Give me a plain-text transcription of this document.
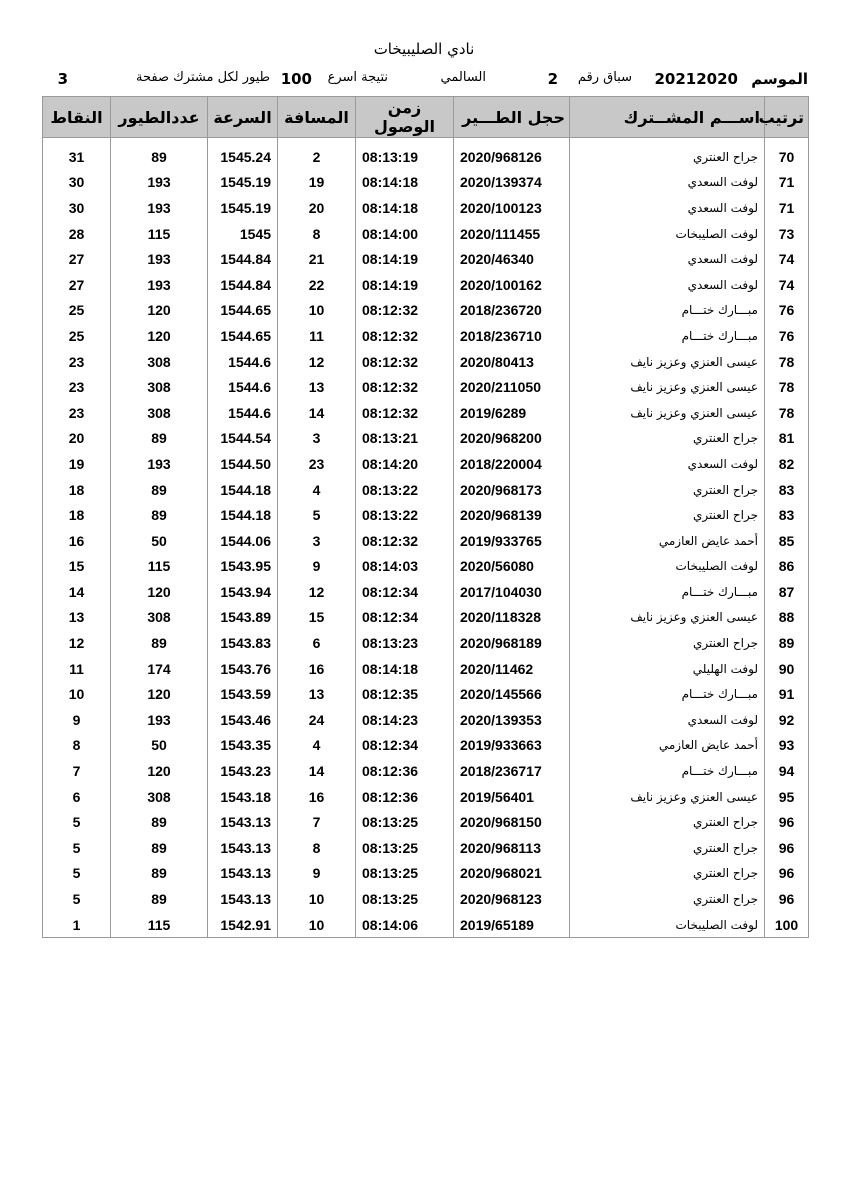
نادي الصليبيخات
الموسم
20212020
سباق رقم
2
السالمي
نتيجة اسرع
100
طيور لكل مشترك صفحة
3
ترتيب	اســـم المشــترك	حجل الطـــير	زمن الوصول	المسافة	السرعة	عددالطيور	النقاط

70	جراح العنتري	2020/968126	08:13:19	2	1545.24	89	31
71	لوفت السعدي	2020/139374	08:14:18	19	1545.19	193	30
71	لوفت السعدي	2020/100123	08:14:18	20	1545.19	193	30
73	لوفت الصليبخات	2020/111455	08:14:00	8	1545	115	28
74	لوفت السعدي	2020/46340	08:14:19	21	1544.84	193	27
74	لوفت السعدي	2020/100162	08:14:19	22	1544.84	193	27
76	مبـــارك ختـــام	2018/236720	08:12:32	10	1544.65	120	25
76	مبـــارك ختـــام	2018/236710	08:12:32	11	1544.65	120	25
78	عيسى العنزي وعزيز نايف	2020/80413	08:12:32	12	1544.6	308	23
78	عيسى العنزي وعزيز نايف	2020/211050	08:12:32	13	1544.6	308	23
78	عيسى العنزي وعزيز نايف	2019/6289	08:12:32	14	1544.6	308	23
81	جراح العنتري	2020/968200	08:13:21	3	1544.54	89	20
82	لوفت السعدي	2018/220004	08:14:20	23	1544.50	193	19
83	جراح العنتري	2020/968173	08:13:22	4	1544.18	89	18
83	جراح العنتري	2020/968139	08:13:22	5	1544.18	89	18
85	أحمد عايض العازمي	2019/933765	08:12:32	3	1544.06	50	16
86	لوفت الصليبخات	2020/56080	08:14:03	9	1543.95	115	15
87	مبـــارك ختـــام	2017/104030	08:12:34	12	1543.94	120	14
88	عيسى العنزي وعزيز نايف	2020/118328	08:12:34	15	1543.89	308	13
89	جراح العنتري	2020/968189	08:13:23	6	1543.83	89	12
90	لوفت الهليلي	2020/11462	08:14:18	16	1543.76	174	11
91	مبـــارك ختـــام	2020/145566	08:12:35	13	1543.59	120	10
92	لوفت السعدي	2020/139353	08:14:23	24	1543.46	193	9
93	أحمد عايض العازمي	2019/933663	08:12:34	4	1543.35	50	8
94	مبـــارك ختـــام	2018/236717	08:12:36	14	1543.23	120	7
95	عيسى العنزي وعزيز نايف	2019/56401	08:12:36	16	1543.18	308	6
96	جراح العنتري	2020/968150	08:13:25	7	1543.13	89	5
96	جراح العنتري	2020/968113	08:13:25	8	1543.13	89	5
96	جراح العنتري	2020/968021	08:13:25	9	1543.13	89	5
96	جراح العنتري	2020/968123	08:13:25	10	1543.13	89	5
100	لوفت الصليبخات	2019/65189	08:14:06	10	1542.91	115	1
